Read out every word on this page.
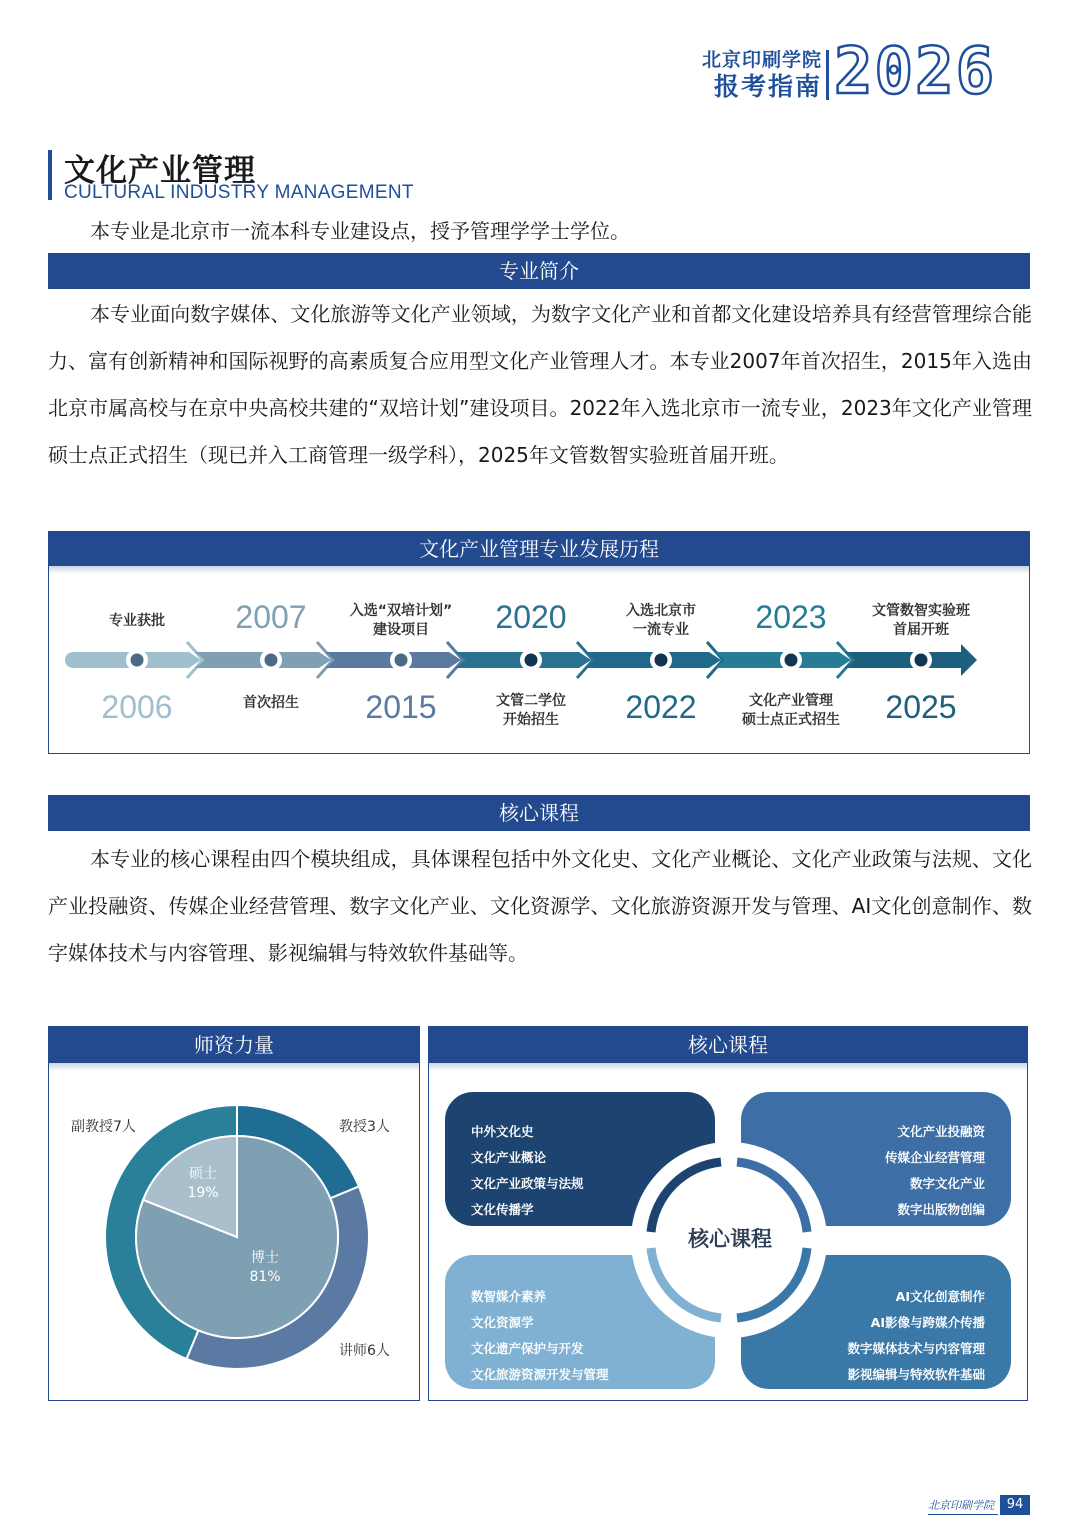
北京印刷学院
报考指南 2026
文化产业管理
CULTURAL INDUSTRY MANAGEMENT
本专业是北京市一流本科专业建设点，授予管理学学士学位。
专业简介
本专业面向数字媒体、文化旅游等文化产业领域，为数字文化产业和首都文化建设培养具有经营管理综合能力、富有创新精神和国际视野的高素质复合应用型文化产业管理人才。本专业2007年首次招生，2015年入选由北京市属高校与在京中央高校共建的“双培计划”建设项目。2022年入选北京市一流专业，2023年文化产业管理硕士点正式招生（现已并入工商管理一级学科），2025年文管数智实验班首届开班。
文化产业管理专业发展历程
专业获批
2006	首次招生
2007	入选“双培计划”
建设项目
2015	文管二学位
开始招生
2020	入选北京市
一流专业
2022	文化产业管理
硕士点正式招生
2023	文管数智实验班
首届开班
2025
核心课程
本专业的核心课程由四个模块组成，具体课程包括中外文化史、文化产业概论、文化产业政策与法规、文化产业投融资、传媒企业经营管理、数字文化产业、文化资源学、文化旅游资源开发与管理、AI文化创意制作、数字媒体技术与内容管理、影视编辑与特效软件基础等。
师资力量
教授3人
讲师6人
副教授7人
博士
81%
硕士
19%
核心课程
核心课程
中外文化史
文化产业概论
文化产业政策与法规
文化传播学
文化产业投融资
传媒企业经营管理
数字文化产业
数字出版物创编
数智媒介素养
文化资源学
文化遗产保护与开发
文化旅游资源开发与管理
AI文化创意制作
AI影像与跨媒介传播
数字媒体技术与内容管理
影视编辑与特效软件基础
北京印刷学院 94
